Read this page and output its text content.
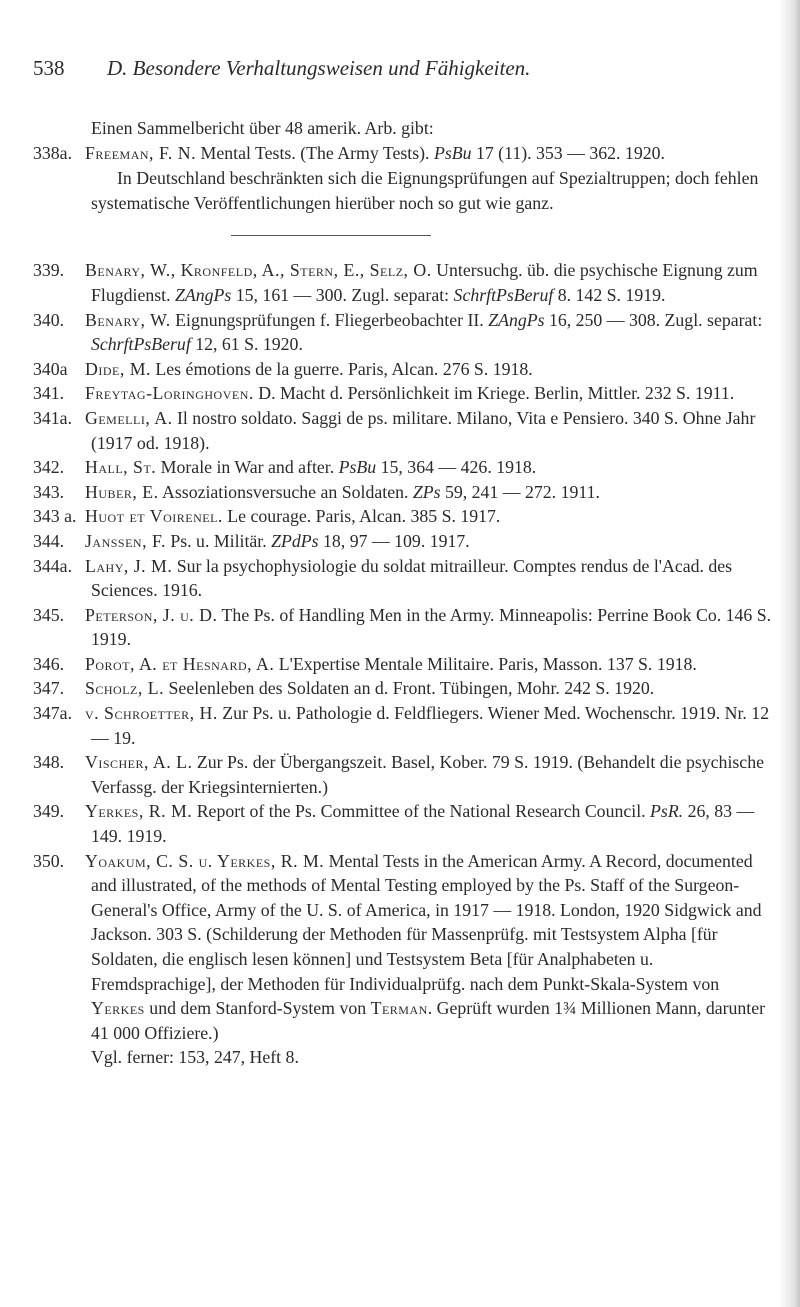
538 D. Besondere Verhaltungsweisen und Fähigkeiten.

Einen Sammelbericht über 48 amerik. Arb. gibt:

338a. Freeman, F. N. Mental Tests. (The Army Tests). PsBu 17 (11). 353 — 362. 1920.

In Deutschland beschränkten sich die Eignungsprüfungen auf Spezialtruppen; doch fehlen systematische Veröffentlichungen hierüber noch so gut wie ganz.

339. Benary, W., Kronfeld, A., Stern, E., Selz, O. Untersuchg. üb. die psychische Eignung zum Flugdienst. ZAngPs 15, 161 — 300. Zugl. separat: SchrftPsBeruf 8. 142 S. 1919.

340. Benary, W. Eignungsprüfungen f. Fliegerbeobachter II. ZAngPs 16, 250 — 308. Zugl. separat: SchrftPsBeruf 12, 61 S. 1920.

340a Dide, M. Les émotions de la guerre. Paris, Alcan. 276 S. 1918.

341. Freytag-Loringhoven. D. Macht d. Persönlichkeit im Kriege. Berlin, Mittler. 232 S. 1911.

341a. Gemelli, A. Il nostro soldato. Saggi de ps. militare. Milano, Vita e Pensiero. 340 S. Ohne Jahr (1917 od. 1918).

342. Hall, St. Morale in War and after. PsBu 15, 364 — 426. 1918.

343. Huber, E. Assoziationsversuche an Soldaten. ZPs 59, 241 — 272. 1911.

343 a. Huot et Voirenel. Le courage. Paris, Alcan. 385 S. 1917.

344. Janssen, F. Ps. u. Militär. ZPdPs 18, 97 — 109. 1917.

344a. Lahy, J. M. Sur la psychophysiologie du soldat mitrailleur. Comptes rendus de l'Acad. des Sciences. 1916.

345. Peterson, J. u. D. The Ps. of Handling Men in the Army. Minneapolis: Perrine Book Co. 146 S. 1919.

346. Porot, A. et Hesnard, A. L'Expertise Mentale Militaire. Paris, Masson. 137 S. 1918.

347. Scholz, L. Seelenleben des Soldaten an d. Front. Tübingen, Mohr. 242 S. 1920.

347a. v. Schroetter, H. Zur Ps. u. Pathologie d. Feldfliegers. Wiener Med. Wochenschr. 1919. Nr. 12 — 19.

348. Vischer, A. L. Zur Ps. der Übergangszeit. Basel, Kober. 79 S. 1919. (Behandelt die psychische Verfassg. der Kriegsinternierten.)

349. Yerkes, R. M. Report of the Ps. Committee of the National Research Council. PsR. 26, 83 — 149. 1919.

350. Yoakum, C. S. u. Yerkes, R. M. Mental Tests in the American Army. A Record, documented and illustrated, of the methods of Mental Testing employed by the Ps. Staff of the Surgeon-General's Office, Army of the U. S. of America, in 1917 — 1918. London, 1920 Sidgwick and Jackson. 303 S. (Schilderung der Methoden für Massenprüfg. mit Testsystem Alpha [für Soldaten, die englisch lesen können] und Testsystem Beta [für Analphabeten u. Fremdsprachige], der Methoden für Individualprüfg. nach dem Punkt-Skala-System von Yerkes und dem Stanford-System von Terman. Geprüft wurden 1¾ Millionen Mann, darunter 41 000 Offiziere.)

Vgl. ferner: 153, 247, Heft 8.
